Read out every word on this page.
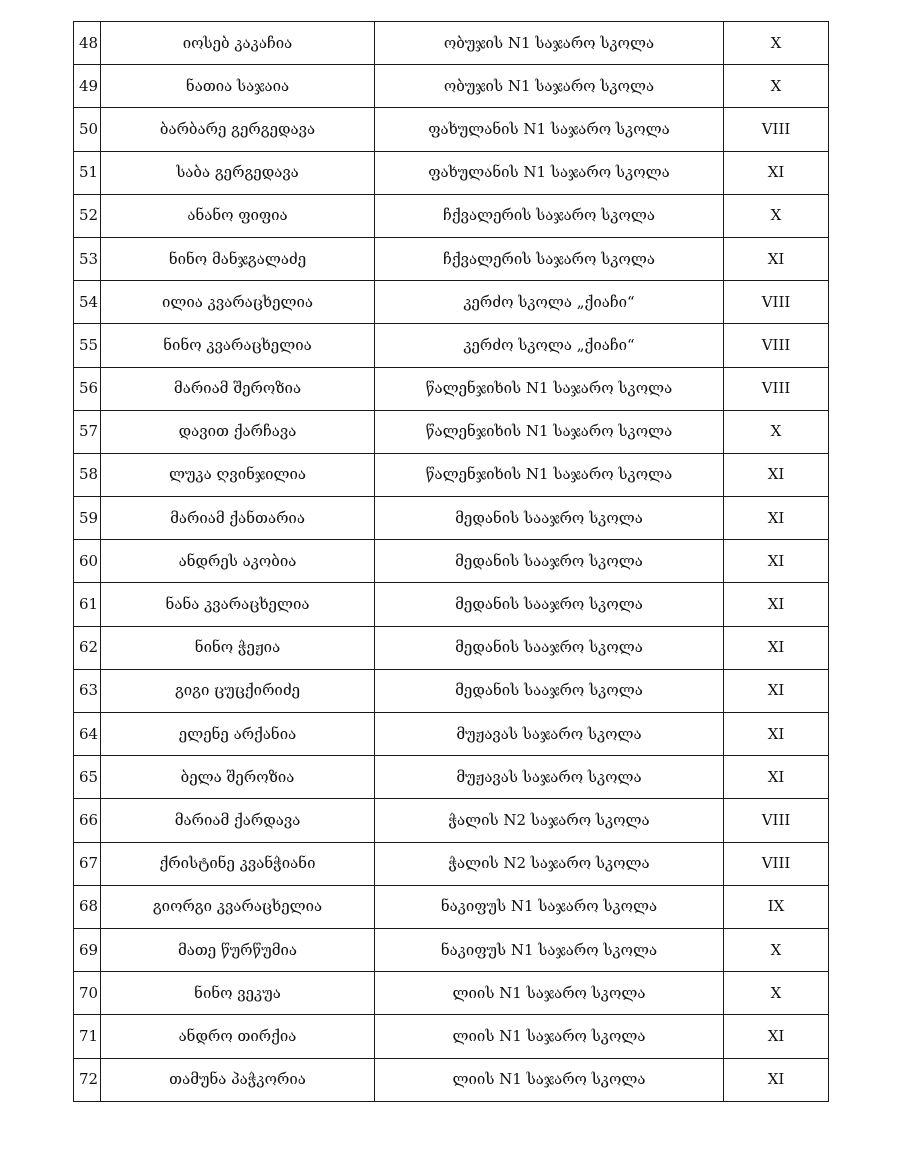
48	იოსებ კაკაჩია	ობუჯის N1 საჯარო სკოლა	X
49	ნათია საჯაია	ობუჯის N1 საჯარო სკოლა	X
50	ბარბარე გერგედავა	ფახულანის N1 საჯარო სკოლა	VIII
51	საბა გერგედავა	ფახულანის N1 საჯარო სკოლა	XI
52	ანანო ფიფია	ჩქვალერის საჯარო სკოლა	X
53	ნინო მანჯგალაძე	ჩქვალერის საჯარო სკოლა	XI
54	ილია კვარაცხელია	კერძო სკოლა „ქიაჩი“	VIII
55	ნინო კვარაცხელია	კერძო სკოლა „ქიაჩი“	VIII
56	მარიამ შეროზია	წალენჯიხის N1 საჯარო სკოლა	VIII
57	დავით ქარჩავა	წალენჯიხის N1 საჯარო სკოლა	X
58	ლუკა ღვინჯილია	წალენჯიხის N1 საჯარო სკოლა	XI
59	მარიამ ქანთარია	მედანის სააჯრო სკოლა	XI
60	ანდრეს აკობია	მედანის სააჯრო სკოლა	XI
61	ნანა კვარაცხელია	მედანის სააჯრო სკოლა	XI
62	ნინო ჭეჟია	მედანის სააჯრო სკოლა	XI
63	გიგი ცუცქირიძე	მედანის სააჯრო სკოლა	XI
64	ელენე არქანია	მუჟავას საჯარო სკოლა	XI
65	ბელა შეროზია	მუჟავას საჯარო სკოლა	XI
66	მარიამ ქარდავა	ჭალის N2 საჯარო სკოლა	VIII
67	ქრისტინე კვანჭიანი	ჭალის N2 საჯარო სკოლა	VIII
68	გიორგი კვარაცხელია	ნაკიფუს N1 საჯარო სკოლა	IX
69	მათე წურწუმია	ნაკიფუს N1 საჯარო სკოლა	X
70	ნინო ვეკუა	ლიის N1 საჯარო სკოლა	X
71	ანდრო თირქია	ლიის N1 საჯარო სკოლა	XI
72	თამუნა პაჭკორია	ლიის N1 საჯარო სკოლა	XI
